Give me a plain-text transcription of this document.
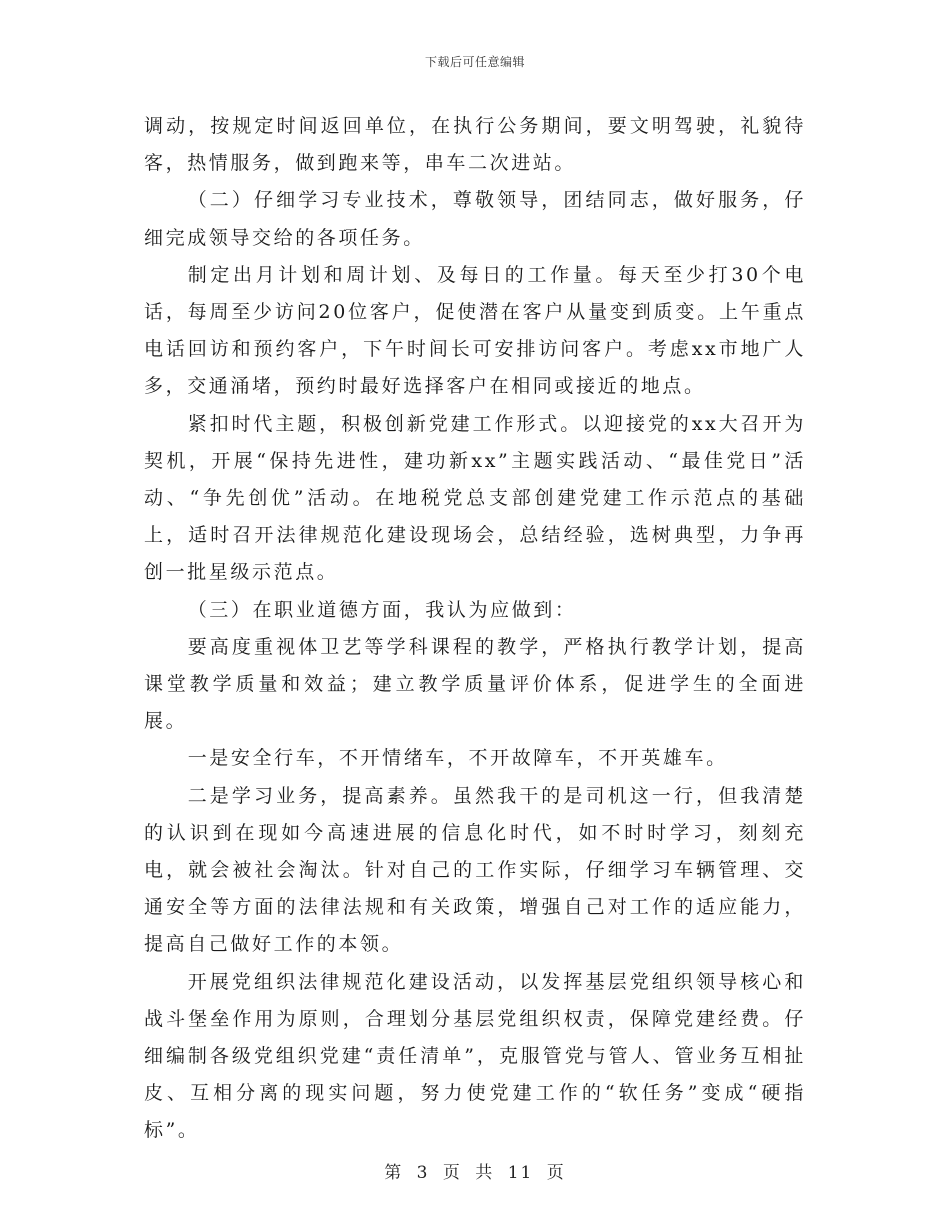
下载后可任意编辑

调动，按规定时间返回单位，在执行公务期间，要文明驾驶，礼貌待客，热情服务，做到跑来等，串车二次进站。

（二）仔细学习专业技术，尊敬领导，团结同志，做好服务，仔细完成领导交给的各项任务。

制定出月计划和周计划、及每日的工作量。每天至少打30个电话，每周至少访问20位客户，促使潜在客户从量变到质变。上午重点电话回访和预约客户，下午时间长可安排访问客户。考虑xx市地广人多，交通涌堵，预约时最好选择客户在相同或接近的地点。

紧扣时代主题，积极创新党建工作形式。以迎接党的xx大召开为契机，开展“保持先进性，建功新xx”主题实践活动、“最佳党日”活动、“争先创优”活动。在地税党总支部创建党建工作示范点的基础上，适时召开法律规范化建设现场会，总结经验，选树典型，力争再创一批星级示范点。

（三）在职业道德方面，我认为应做到：

要高度重视体卫艺等学科课程的教学，严格执行教学计划，提高课堂教学质量和效益；建立教学质量评价体系，促进学生的全面进展。

一是安全行车，不开情绪车，不开故障车，不开英雄车。

二是学习业务，提高素养。虽然我干的是司机这一行，但我清楚的认识到在现如今高速进展的信息化时代，如不时时学习，刻刻充电，就会被社会淘汰。针对自己的工作实际，仔细学习车辆管理、交通安全等方面的法律法规和有关政策，增强自己对工作的适应能力，提高自己做好工作的本领。

开展党组织法律规范化建设活动，以发挥基层党组织领导核心和战斗堡垒作用为原则，合理划分基层党组织权责，保障党建经费。仔细编制各级党组织党建“责任清单”，克服管党与管人、管业务互相扯皮、互相分离的现实问题，努力使党建工作的“软任务”变成“硬指标”。

第 3 页 共 11 页
